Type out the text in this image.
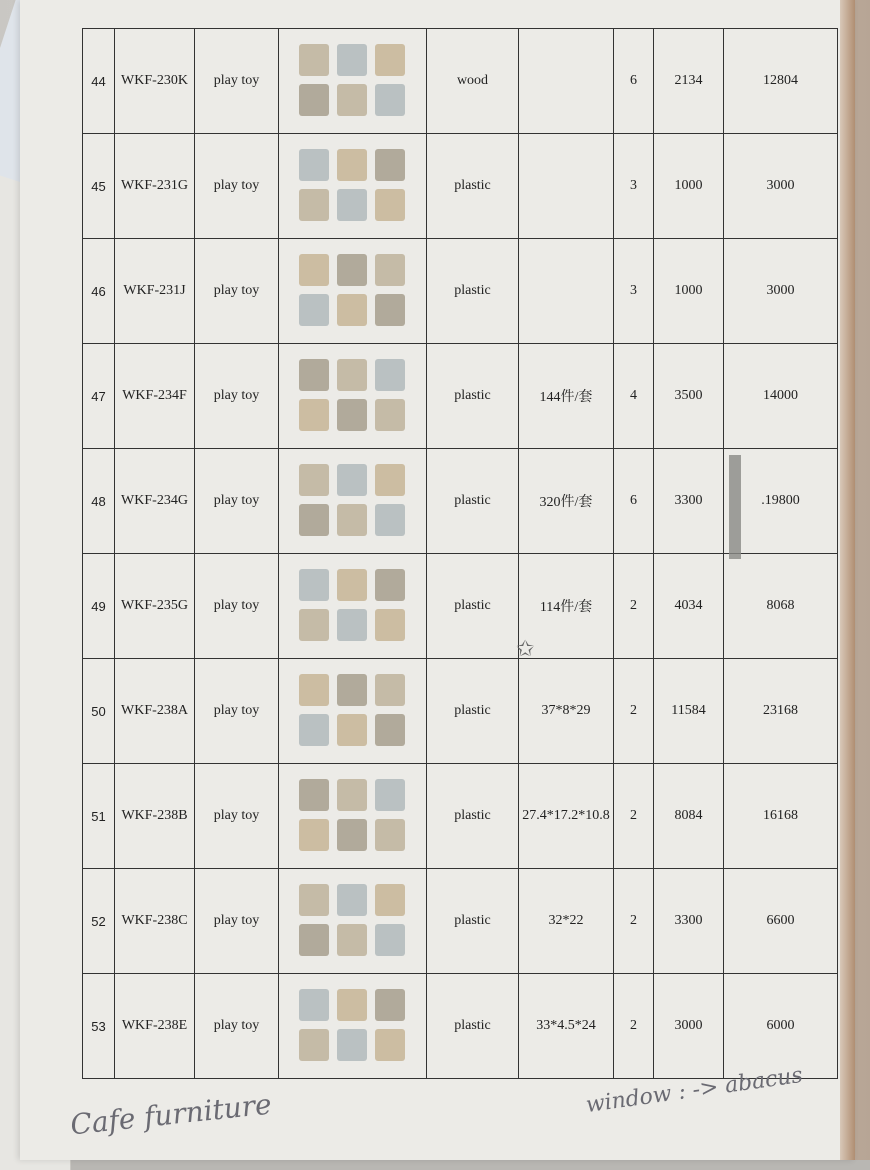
44	WKF-230K	play toy		wood		6	2134	12804
45	WKF-231G	play toy		plastic		3	1000	3000
46	WKF-231J	play toy		plastic		3	1000	3000
47	WKF-234F	play toy		plastic	144件/套	4	3500	14000
48	WKF-234G	play toy		plastic	320件/套	6	3300	.19800
49	WKF-235G	play toy		plastic	114件/套	2	4034	8068
50	WKF-238A	play toy		plastic	37*8*29	2	11584	23168
51	WKF-238B	play toy		plastic	27.4*17.2*10.8	2	8084	16168
52	WKF-238C	play toy		plastic	32*22	2	3300	6600
53	WKF-238E	play toy		plastic	33*4.5*24	2	3000	6000
✩
Cafe furniture	window : -> abacus
